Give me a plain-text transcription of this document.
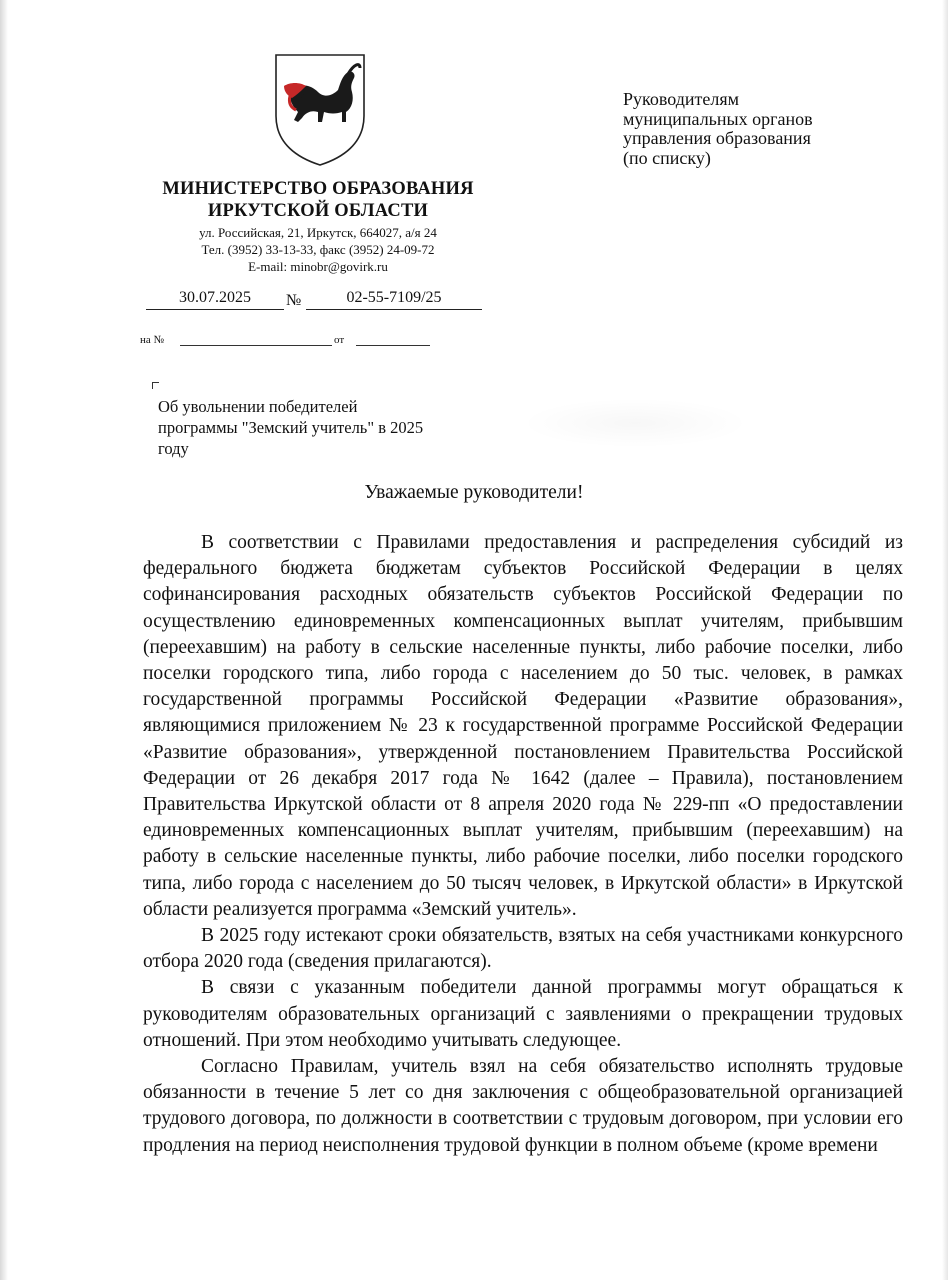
МИНИСТЕРСТВО ОБРАЗОВАНИЯ
ИРКУТСКОЙ ОБЛАСТИ
ул. Российская, 21, Иркутск, 664027, а/я 24
Тел. (3952) 33-13-33, факс (3952) 24-09-72
E-mail: minobr@govirk.ru
30.07.2025	№	02-55-7109/25
на №	от
Руководителям
муниципальных органов
управления образования
(по списку)
Об увольнении победителей
программы "Земский учитель" в 2025
году
Уважаемые руководители!

В соответствии с Правилами предоставления и распределения субсидий из федерального бюджета бюджетам субъектов Российской Федерации в целях софинансирования расходных обязательств субъектов Российской Федерации по осуществлению единовременных компенсационных выплат учителям, прибывшим (переехавшим) на работу в сельские населенные пункты, либо рабочие поселки, либо поселки городского типа, либо города с населением до 50 тыс. человек, в рамках государственной программы Российской Федерации «Развитие образования», являющимися приложением № 23 к государственной программе Российской Федерации «Развитие образования», утвержденной постановлением Правительства Российской Федерации от 26 декабря 2017 года № 1642 (далее – Правила), постановлением Правительства Иркутской области от 8 апреля 2020 года № 229-пп «О предоставлении единовременных компенсационных выплат учителям, прибывшим (переехавшим) на работу в сельские населенные пункты, либо рабочие поселки, либо поселки городского типа, либо города с населением до 50 тысяч человек, в Иркутской области» в Иркутской области реализуется программа «Земский учитель».

В 2025 году истекают сроки обязательств, взятых на себя участниками конкурсного отбора 2020 года (сведения прилагаются).

В связи с указанным победители данной программы могут обращаться к руководителям образовательных организаций с заявлениями о прекращении трудовых отношений. При этом необходимо учитывать следующее.

Согласно Правилам, учитель взял на себя обязательство исполнять трудовые обязанности в течение 5 лет со дня заключения с общеобразовательной организацией трудового договора, по должности в соответствии с трудовым договором, при условии его продления на период неисполнения трудовой функции в полном объеме (кроме времени
